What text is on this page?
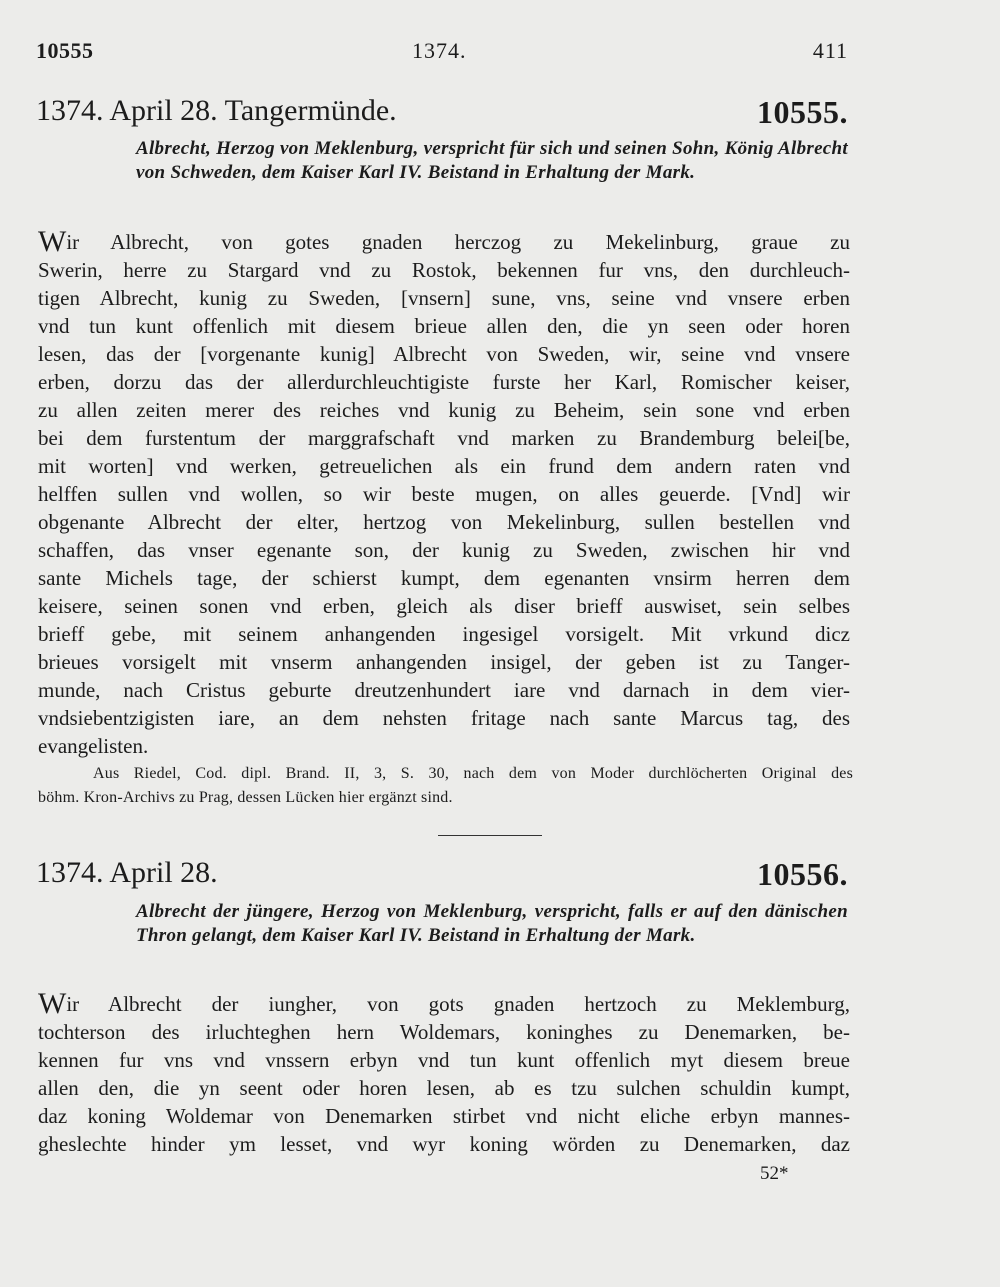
10555	1374.	411
1374. April 28. Tangermünde.	10555.
Albrecht, Herzog von Meklenburg, verspricht für sich und seinen Sohn, König Albrecht von Schweden, dem Kaiser Karl IV. Beistand in Erhaltung der Mark.
Wir Albrecht, von gotes gnaden herczog zu Mekelinburg, graue zu
Swerin, herre zu Stargard vnd zu Rostok, bekennen fur vns, den durchleuch-
tigen Albrecht, kunig zu Sweden, [vnsern] sune, vns, seine vnd vnsere erben
vnd tun kunt offenlich mit diesem brieue allen den, die yn seen oder horen
lesen, das der [vorgenante kunig] Albrecht von Sweden, wir, seine vnd vnsere
erben, dorzu das der allerdurchleuchtigiste furste her Karl, Romischer keiser,
zu allen zeiten merer des reiches vnd kunig zu Beheim, sein sone vnd erben
bei dem furstentum der marggrafschaft vnd marken zu Brandemburg belei[be,
mit worten] vnd werken, getreuelichen als ein frund dem andern raten vnd
helffen sullen vnd wollen, so wir beste mugen, on alles geuerde. [Vnd] wir
obgenante Albrecht der elter, hertzog von Mekelinburg, sullen bestellen vnd
schaffen, das vnser egenante son, der kunig zu Sweden, zwischen hir vnd
sante Michels tage, der schierst kumpt, dem egenanten vnsirm herren dem
keisere, seinen sonen vnd erben, gleich als diser brieff auswiset, sein selbes
brieff gebe, mit seinem anhangenden ingesigel vorsigelt. Mit vrkund dicz
brieues vorsigelt mit vnserm anhangenden insigel, der geben ist zu Tanger-
munde, nach Cristus geburte dreutzenhundert iare vnd darnach in dem vier-
vndsiebentzigisten iare, an dem nehsten fritage nach sante Marcus tag, des
evangelisten.
Aus Riedel, Cod. dipl. Brand. II, 3, S. 30, nach dem von Moder durchlöcherten Original des
böhm. Kron-Archivs zu Prag, dessen Lücken hier ergänzt sind.
1374. April 28.	10556.
Albrecht der jüngere, Herzog von Meklenburg, verspricht, falls er auf den dänischen Thron gelangt, dem Kaiser Karl IV. Beistand in Erhaltung der Mark.
Wir Albrecht der iungher, von gots gnaden hertzoch zu Meklemburg,
tochterson des irluchteghen hern Woldemars, koninghes zu Denemarken, be-
kennen fur vns vnd vnssern erbyn vnd tun kunt offenlich myt diesem breue
allen den, die yn seent oder horen lesen, ab es tzu sulchen schuldin kumpt,
daz koning Woldemar von Denemarken stirbet vnd nicht eliche erbyn mannes-
gheslechte hinder ym lesset, vnd wyr koning wörden zu Denemarken, daz
52*
